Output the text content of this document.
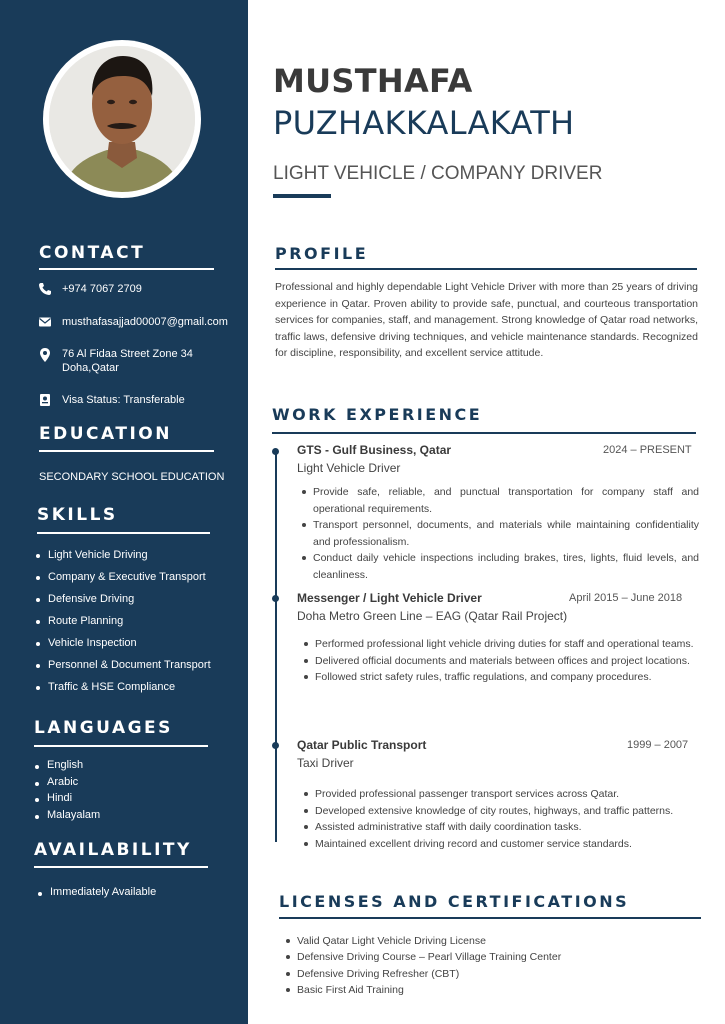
CONTACT
+974 7067 2709
musthafasajjad00007@gmail.com
76 Al Fidaa Street Zone 34
Doha,Qatar
Visa Status: Transferable
EDUCATION
SECONDARY SCHOOL EDUCATION
SKILLS
Light Vehicle Driving
Company & Executive Transport
Defensive Driving
Route Planning
Vehicle Inspection
Personnel & Document Transport
Traffic & HSE Compliance
LANGUAGES
English
Arabic
Hindi
Malayalam
AVAILABILITY
Immediately Available
MUSTHAFA
PUZHAKKALAKATH
LIGHT VEHICLE / COMPANY DRIVER
PROFILE
Professional and highly dependable Light Vehicle Driver with more than 25 years of driving experience in Qatar. Proven ability to provide safe, punctual, and courteous transportation services for companies, staff, and management. Strong knowledge of Qatar road networks, traffic laws, defensive driving techniques, and vehicle maintenance standards. Recognized for discipline, responsibility, and excellent service attitude.
WORK EXPERIENCE
GTS - Gulf Business, Qatar	2024 – PRESENT
Light Vehicle Driver
Provide safe, reliable, and punctual transportation for company staff and operational requirements.
Transport personnel, documents, and materials while maintaining confidentiality and professionalism.
Conduct daily vehicle inspections including brakes, tires, lights, fluid levels, and cleanliness.
Messenger / Light Vehicle Driver	April 2015 – June 2018
Doha Metro Green Line – EAG (Qatar Rail Project)
Performed professional light vehicle driving duties for staff and operational teams.
Delivered official documents and materials between offices and project locations.
Followed strict safety rules, traffic regulations, and company procedures.
Qatar Public Transport	1999 – 2007
Taxi Driver
Provided professional passenger transport services across Qatar.
Developed extensive knowledge of city routes, highways, and traffic patterns.
Assisted administrative staff with daily coordination tasks.
Maintained excellent driving record and customer service standards.
LICENSES AND CERTIFICATIONS
Valid Qatar Light Vehicle Driving License
Defensive Driving Course – Pearl Village Training Center
Defensive Driving Refresher (CBT)
Basic First Aid Training
